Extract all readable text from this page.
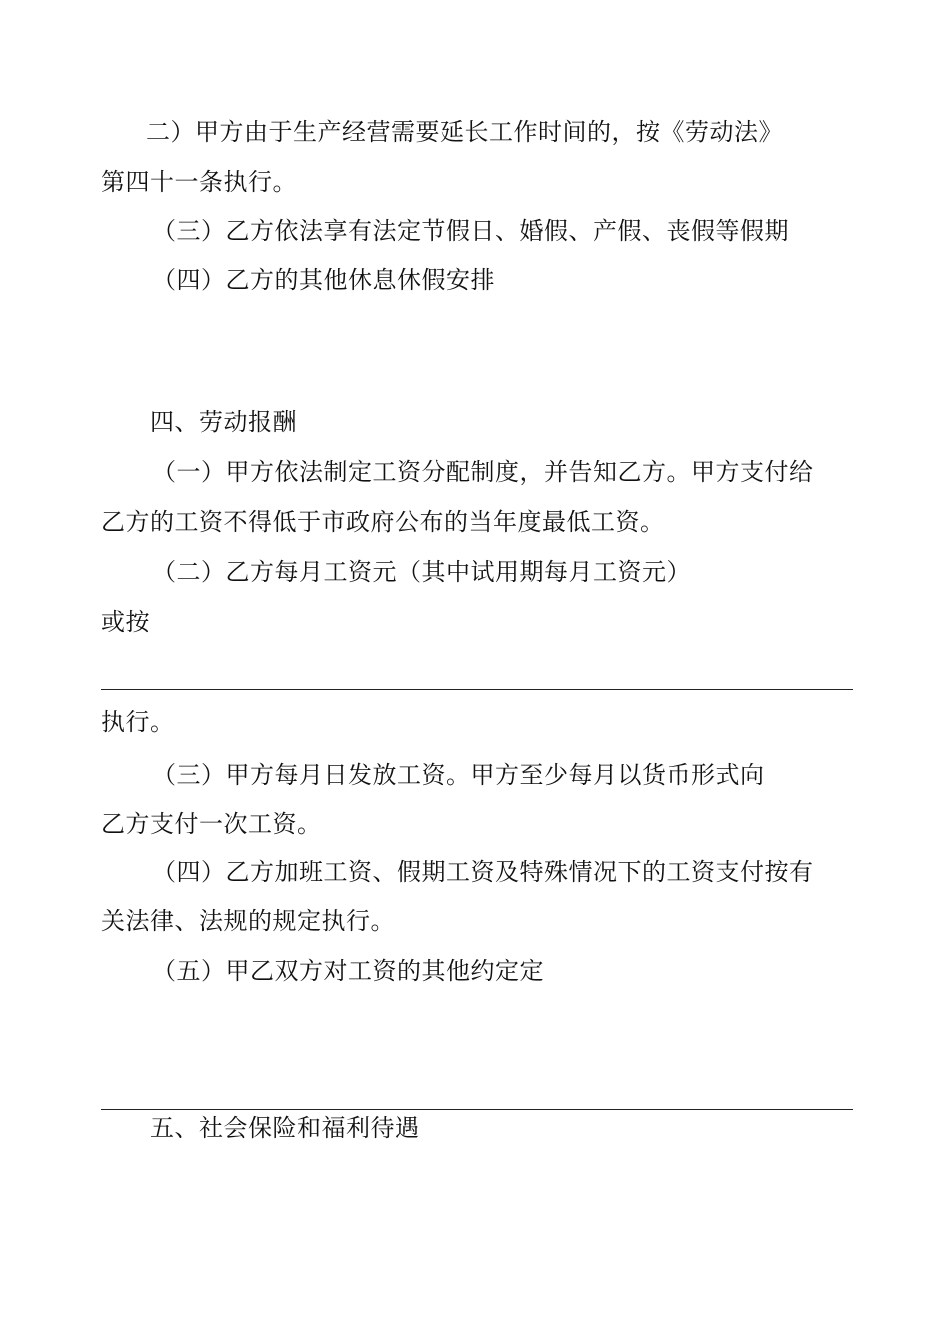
二）甲方由于生产经营需要延长工作时间的，按《劳动法》
第四十一条执行。
（三）乙方依法享有法定节假日、婚假、产假、丧假等假期
（四）乙方的其他休息休假安排
四、劳动报酬
（一）甲方依法制定工资分配制度，并告知乙方。甲方支付给
乙方的工资不得低于市政府公布的当年度最低工资。
（二）乙方每月工资元（其中试用期每月工资元）
或按
执行。
（三）甲方每月日发放工资。甲方至少每月以货币形式向
乙方支付一次工资。
（四）乙方加班工资、假期工资及特殊情况下的工资支付按有
关法律、法规的规定执行。
（五）甲乙双方对工资的其他约定定
五、社会保险和福利待遇
